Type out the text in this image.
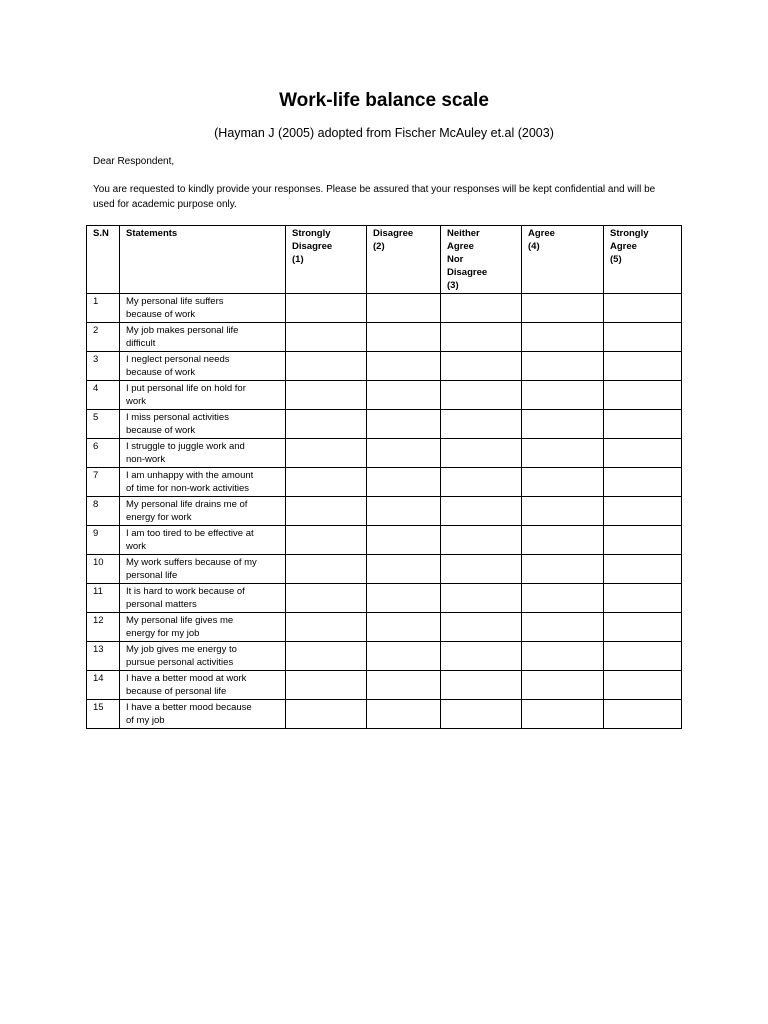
Work-life balance scale

(Hayman J (2005) adopted from Fischer McAuley et.al (2003)

Dear Respondent,

You are requested to kindly provide your responses. Please be assured that your responses will be kept confidential and will be used for academic purpose only.

S.N	Statements	Strongly
Disagree
(1)	Disagree
(2)	Neither
Agree
Nor
Disagree
(3)	Agree
(4)	Strongly
Agree
(5)

1	My personal life suffers
because of work					

2	My job makes personal life
difficult					

3	I neglect personal needs
because of work					

4	I put personal life on hold for
work					

5	I miss personal activities
because of work					

6	I struggle to juggle work and
non-work					

7	I am unhappy with the amount
of time for non-work activities					

8	My personal life drains me of
energy for work					

9	I am too tired to be effective at
work					

10	My work suffers because of my
personal life					

11	It is hard to work because of
personal matters					

12	My personal life gives me
energy for my job					

13	My job gives me energy to
pursue personal activities					

14	I have a better mood at work
because of personal life					

15	I have a better mood because
of my job					
